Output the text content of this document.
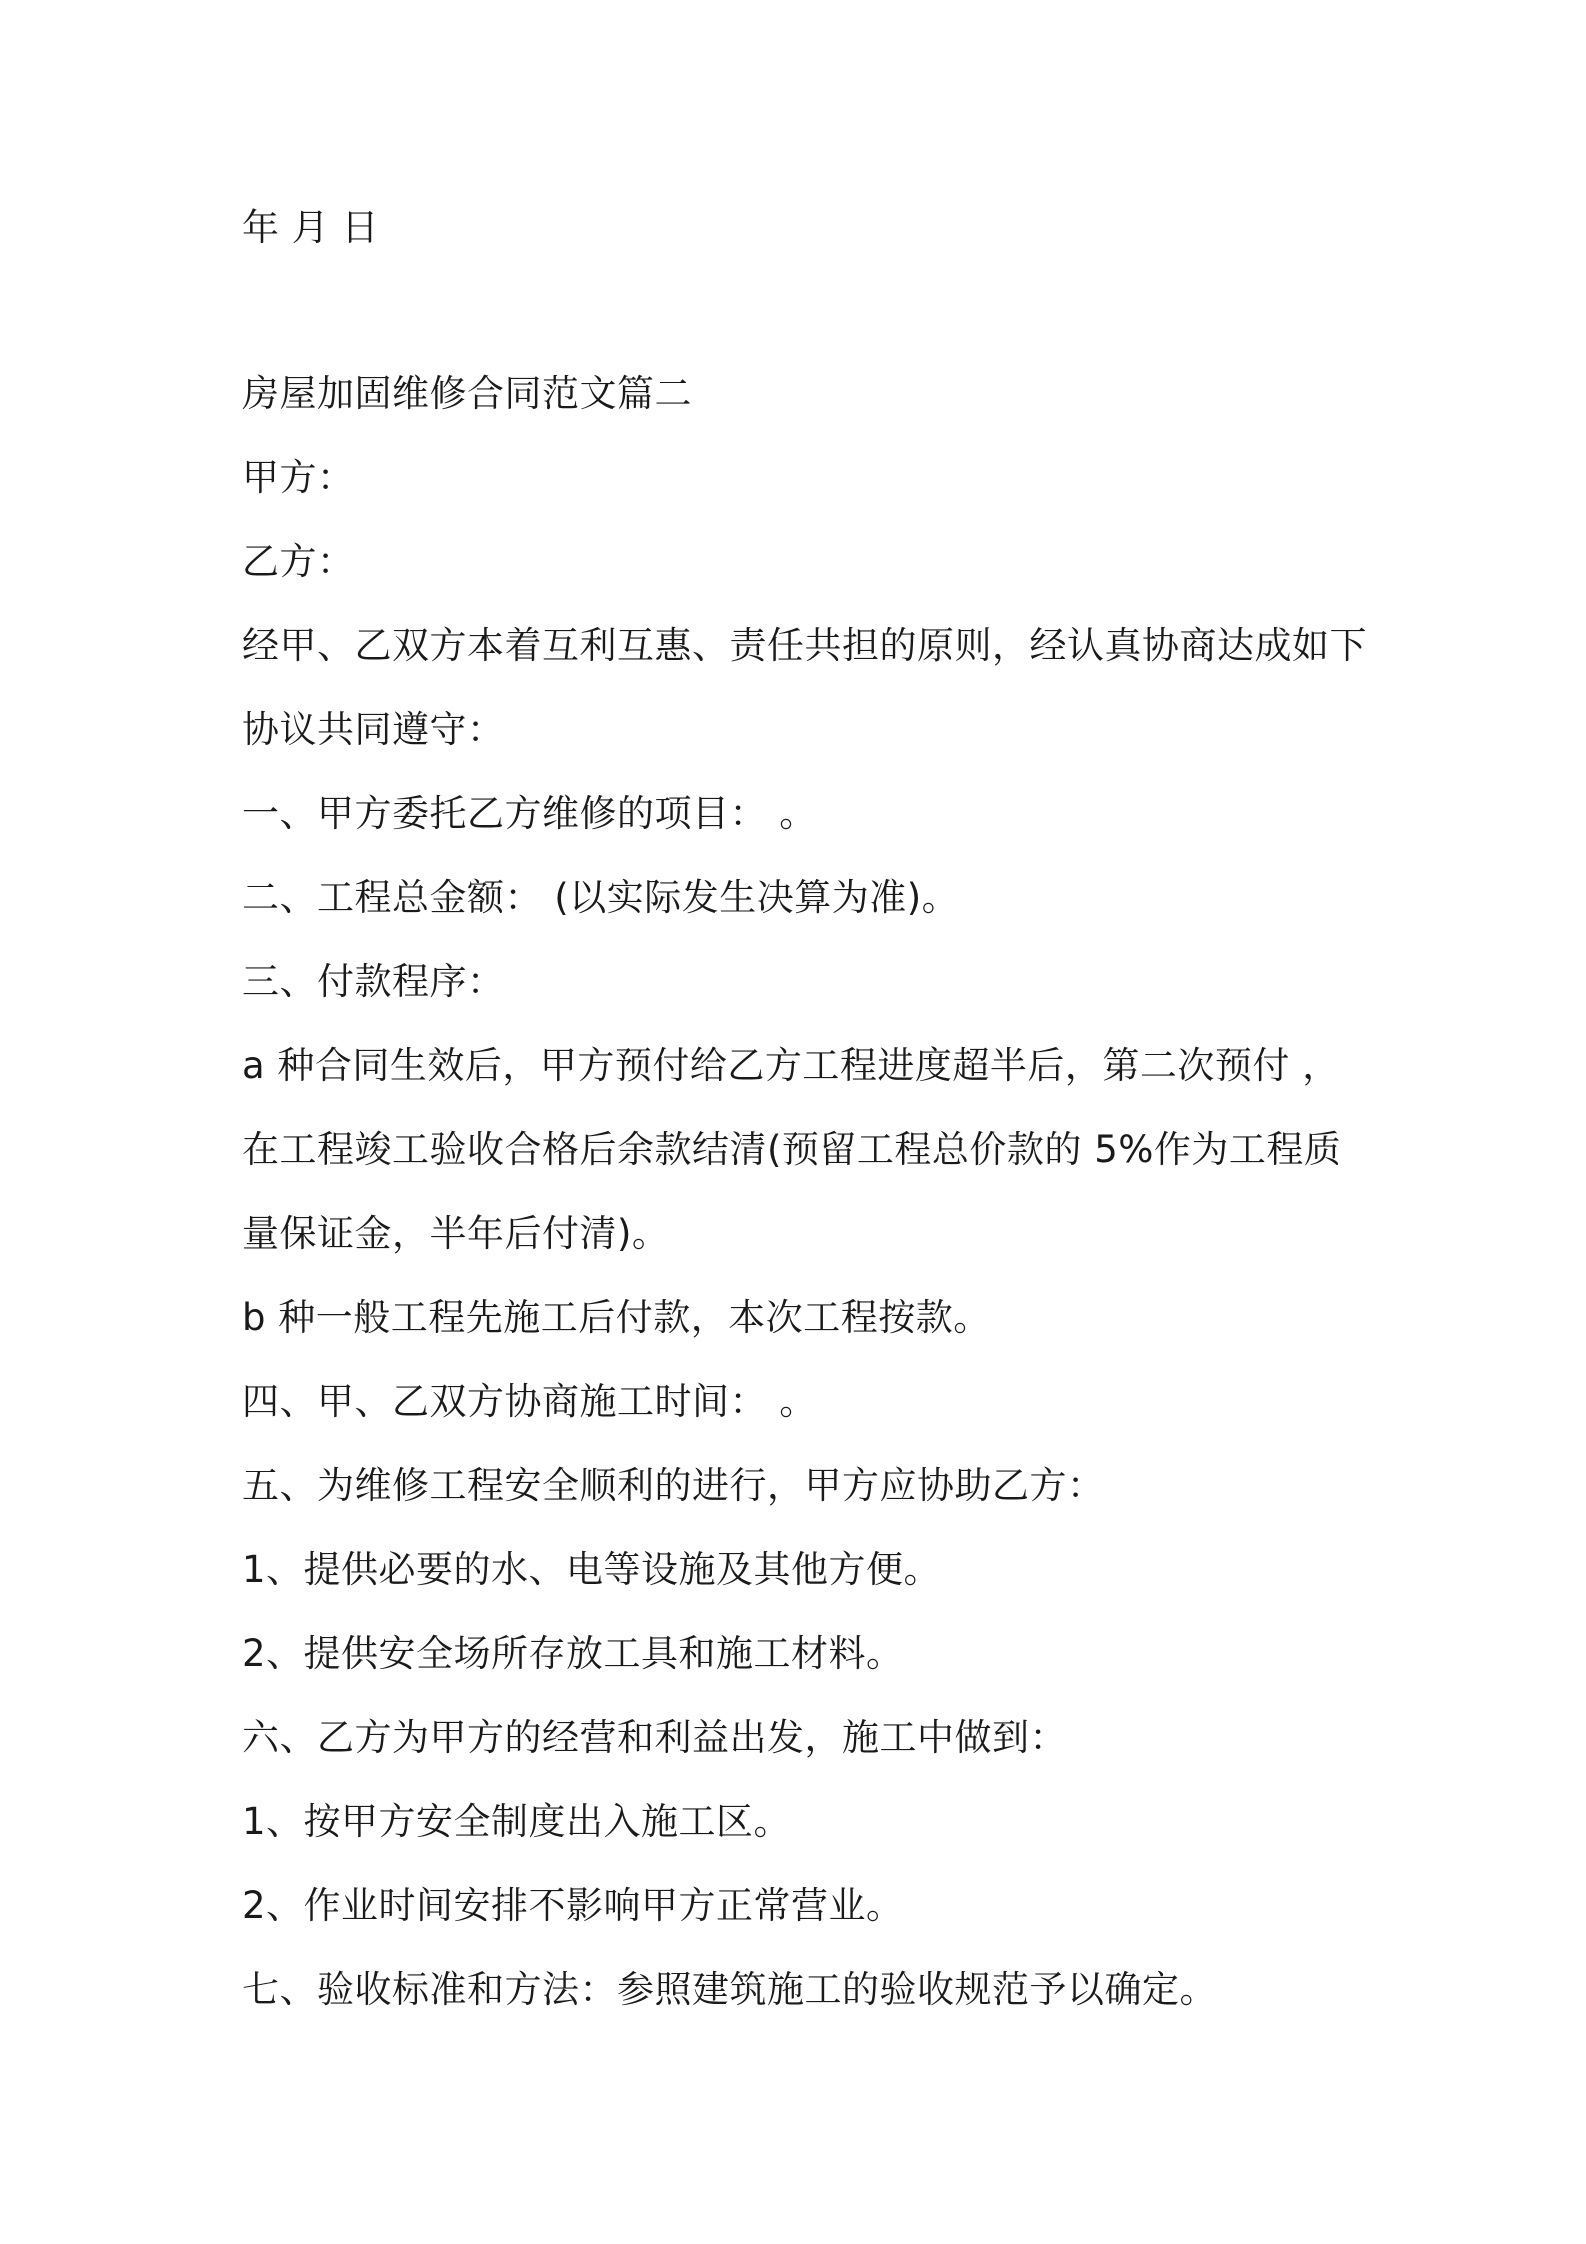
年 月 日
房屋加固维修合同范文篇二
甲方：
乙方：
经甲、乙双方本着互利互惠、责任共担的原则，经认真协商达成如下
协议共同遵守：
一、甲方委托乙方维修的项目： 。
二、工程总金额： (以实际发生决算为准)。
三、付款程序：
a 种合同生效后，甲方预付给乙方工程进度超半后，第二次预付 ，
在工程竣工验收合格后余款结清(预留工程总价款的 5%作为工程质
量保证金，半年后付清)。
b 种一般工程先施工后付款，本次工程按款。
四、甲、乙双方协商施工时间： 。
五、为维修工程安全顺利的进行，甲方应协助乙方：
1、提供必要的水、电等设施及其他方便。
2、提供安全场所存放工具和施工材料。
六、乙方为甲方的经营和利益出发，施工中做到：
1、按甲方安全制度出入施工区。
2、作业时间安排不影响甲方正常营业。
七、验收标准和方法：参照建筑施工的验收规范予以确定。
